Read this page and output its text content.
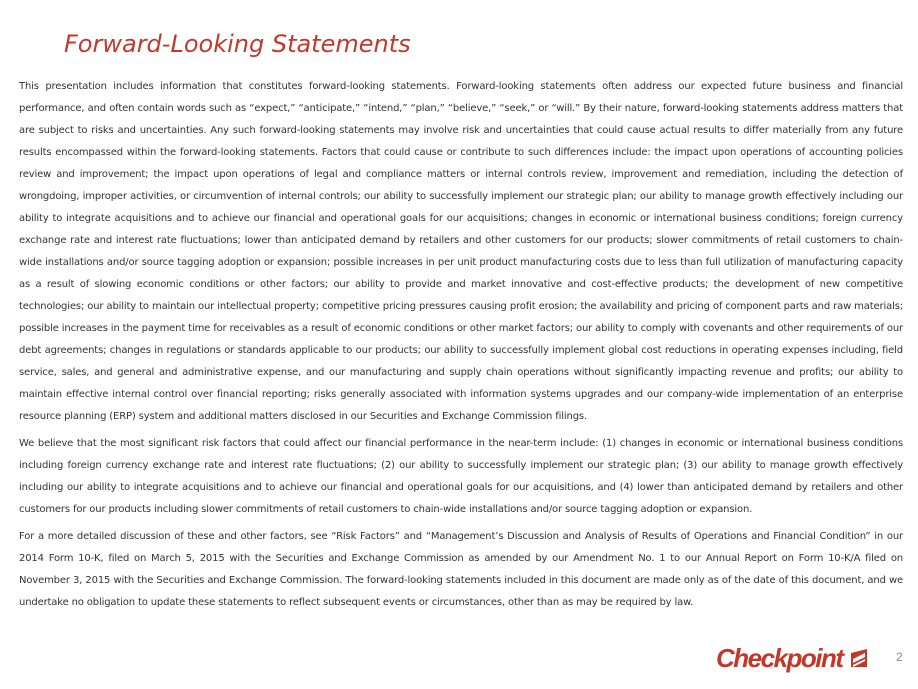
Forward-Looking Statements

This presentation includes information that constitutes forward-looking statements. Forward-looking statements often address our expected future business and financial performance, and often contain words such as “expect,” “anticipate,” “intend,” “plan,” “believe,” “seek,” or “will.” By their nature, forward-looking statements address matters that are subject to risks and uncertainties. Any such forward-looking statements may involve risk and uncertainties that could cause actual results to differ materially from any future results encompassed within the forward-looking statements. Factors that could cause or contribute to such differences include: the impact upon operations of accounting policies review and improvement; the impact upon operations of legal and compliance matters or internal controls review, improvement and remediation, including the detection of wrongdoing, improper activities, or circumvention of internal controls; our ability to successfully implement our strategic plan; our ability to manage growth effectively including our ability to integrate acquisitions and to achieve our financial and operational goals for our acquisitions; changes in economic or international business conditions; foreign currency exchange rate and interest rate fluctuations; lower than anticipated demand by retailers and other customers for our products; slower commitments of retail customers to chain-wide installations and/or source tagging adoption or expansion; possible increases in per unit product manufacturing costs due to less than full utilization of manufacturing capacity as a result of slowing economic conditions or other factors; our ability to provide and market innovative and cost-effective products; the development of new competitive technologies; our ability to maintain our intellectual property; competitive pricing pressures causing profit erosion; the availability and pricing of component parts and raw materials; possible increases in the payment time for receivables as a result of economic conditions or other market factors; our ability to comply with covenants and other requirements of our debt agreements; changes in regulations or standards applicable to our products; our ability to successfully implement global cost reductions in operating expenses including, field service, sales, and general and administrative expense, and our manufacturing and supply chain operations without significantly impacting revenue and profits; our ability to maintain effective internal control over financial reporting; risks generally associated with information systems upgrades and our company-wide implementation of an enterprise resource planning (ERP) system and additional matters disclosed in our Securities and Exchange Commission filings.

We believe that the most significant risk factors that could affect our financial performance in the near-term include: (1) changes in economic or international business conditions including foreign currency exchange rate and interest rate fluctuations; (2) our ability to successfully implement our strategic plan; (3) our ability to manage growth effectively including our ability to integrate acquisitions and to achieve our financial and operational goals for our acquisitions, and (4) lower than anticipated demand by retailers and other customers for our products including slower commitments of retail customers to chain-wide installations and/or source tagging adoption or expansion.

For a more detailed discussion of these and other factors, see “Risk Factors” and “Management’s Discussion and Analysis of Results of Operations and Financial Condition” in our 2014 Form 10-K, filed on March 5, 2015 with the Securities and Exchange Commission as amended by our Amendment No. 1 to our Annual Report on Form 10-K/A filed on November 3, 2015 with the Securities and Exchange Commission. The forward-looking statements included in this document are made only as of the date of this document, and we undertake no obligation to update these statements to reflect subsequent events or circumstances, other than as may be required by law.

Checkpoint	2
